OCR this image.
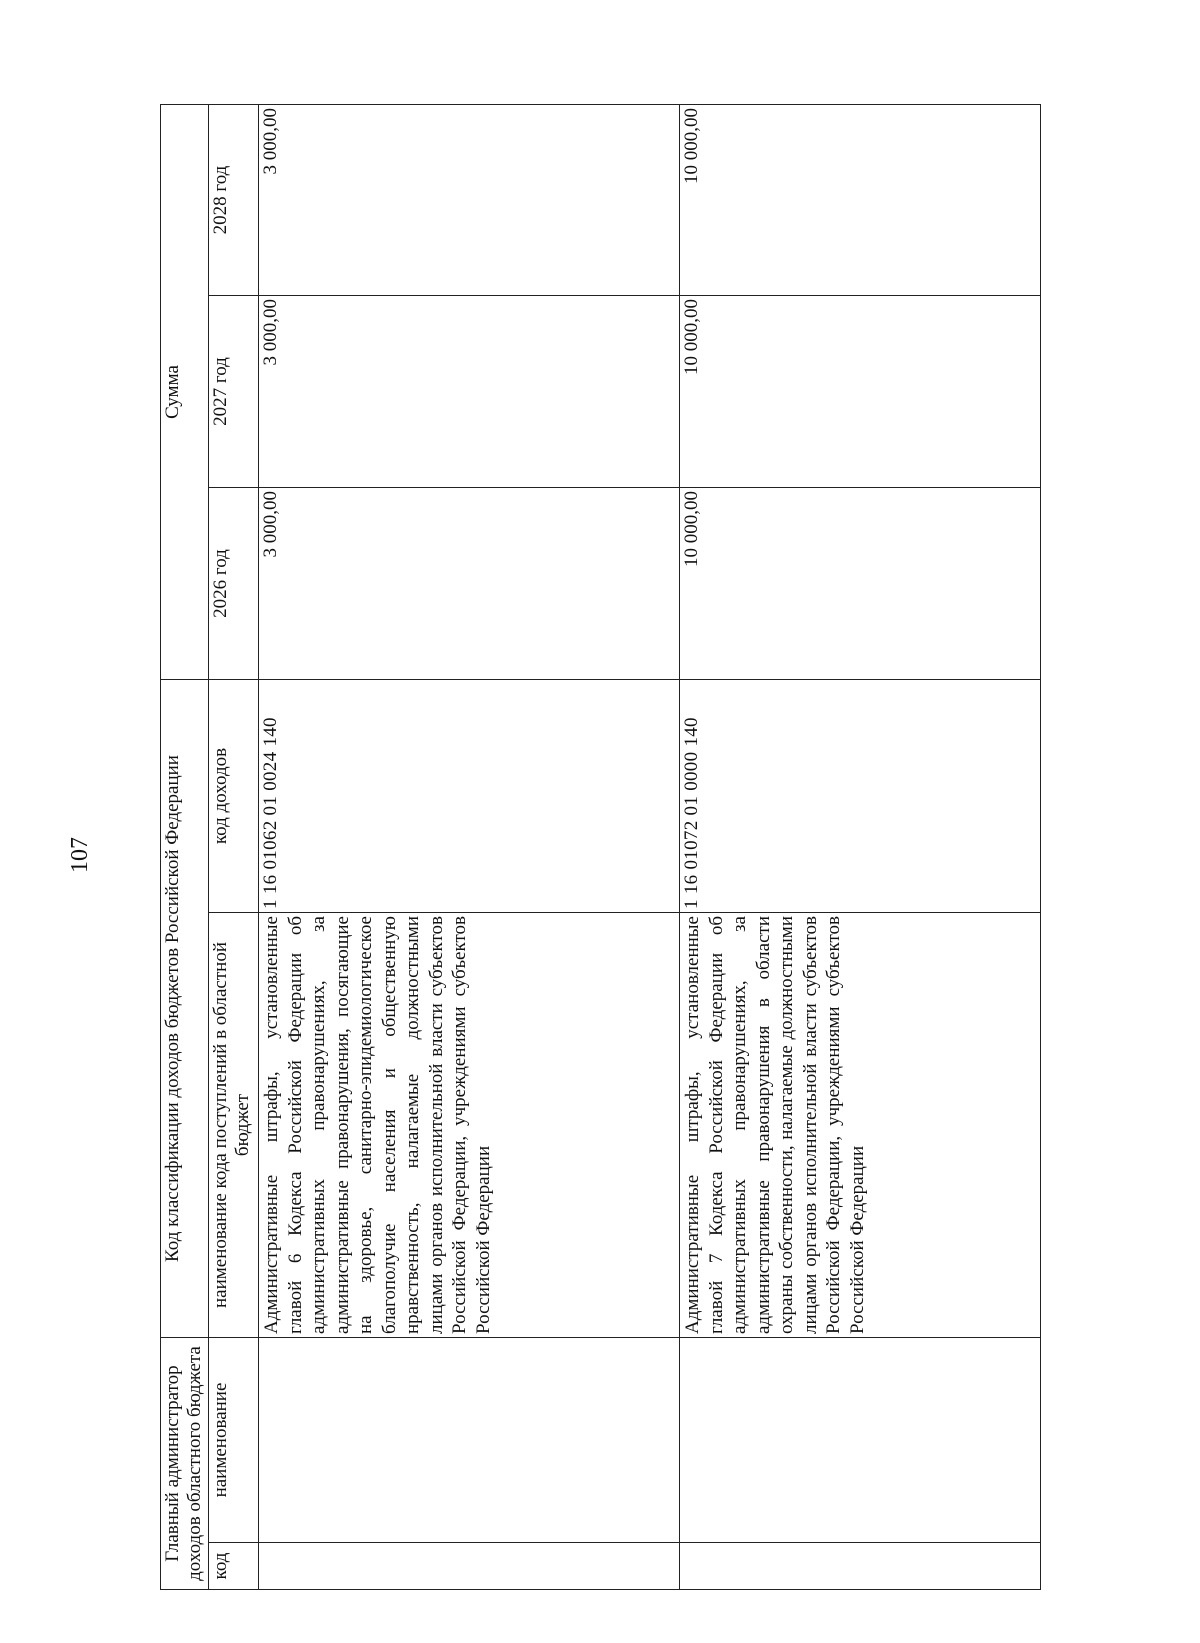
107
Главный администратор доходов областного бюджета		Код классификации доходов бюджетов Российской Федерации		Сумма		
код	наименование	наименование кода поступлений в областной бюджет	код доходов	2026 год	2027 год	2028 год
		Административные штрафы, установленные главой 6 Кодекса Российской Федерации об административных правонарушениях, за административные правонарушения, посягающие на здоровье, санитарно-эпидемиологическое благополучие населения и общественную нравственность, налагаемые должностными лицами органов исполнительной власти субъектов Российской Федерации, учреждениями субъектов Российской Федерации	1 16 01062 01 0024 140	3 000,00	3 000,00	3 000,00
		Административные штрафы, установленные главой 7 Кодекса Российской Федерации об административных правонарушениях, за административные правонарушения в области охраны собственности, налагаемые должностными лицами органов исполнительной власти субъектов Российской Федерации, учреждениями субъектов Российской Федерации	1 16 01072 01 0000 140	10 000,00	10 000,00	10 000,00
